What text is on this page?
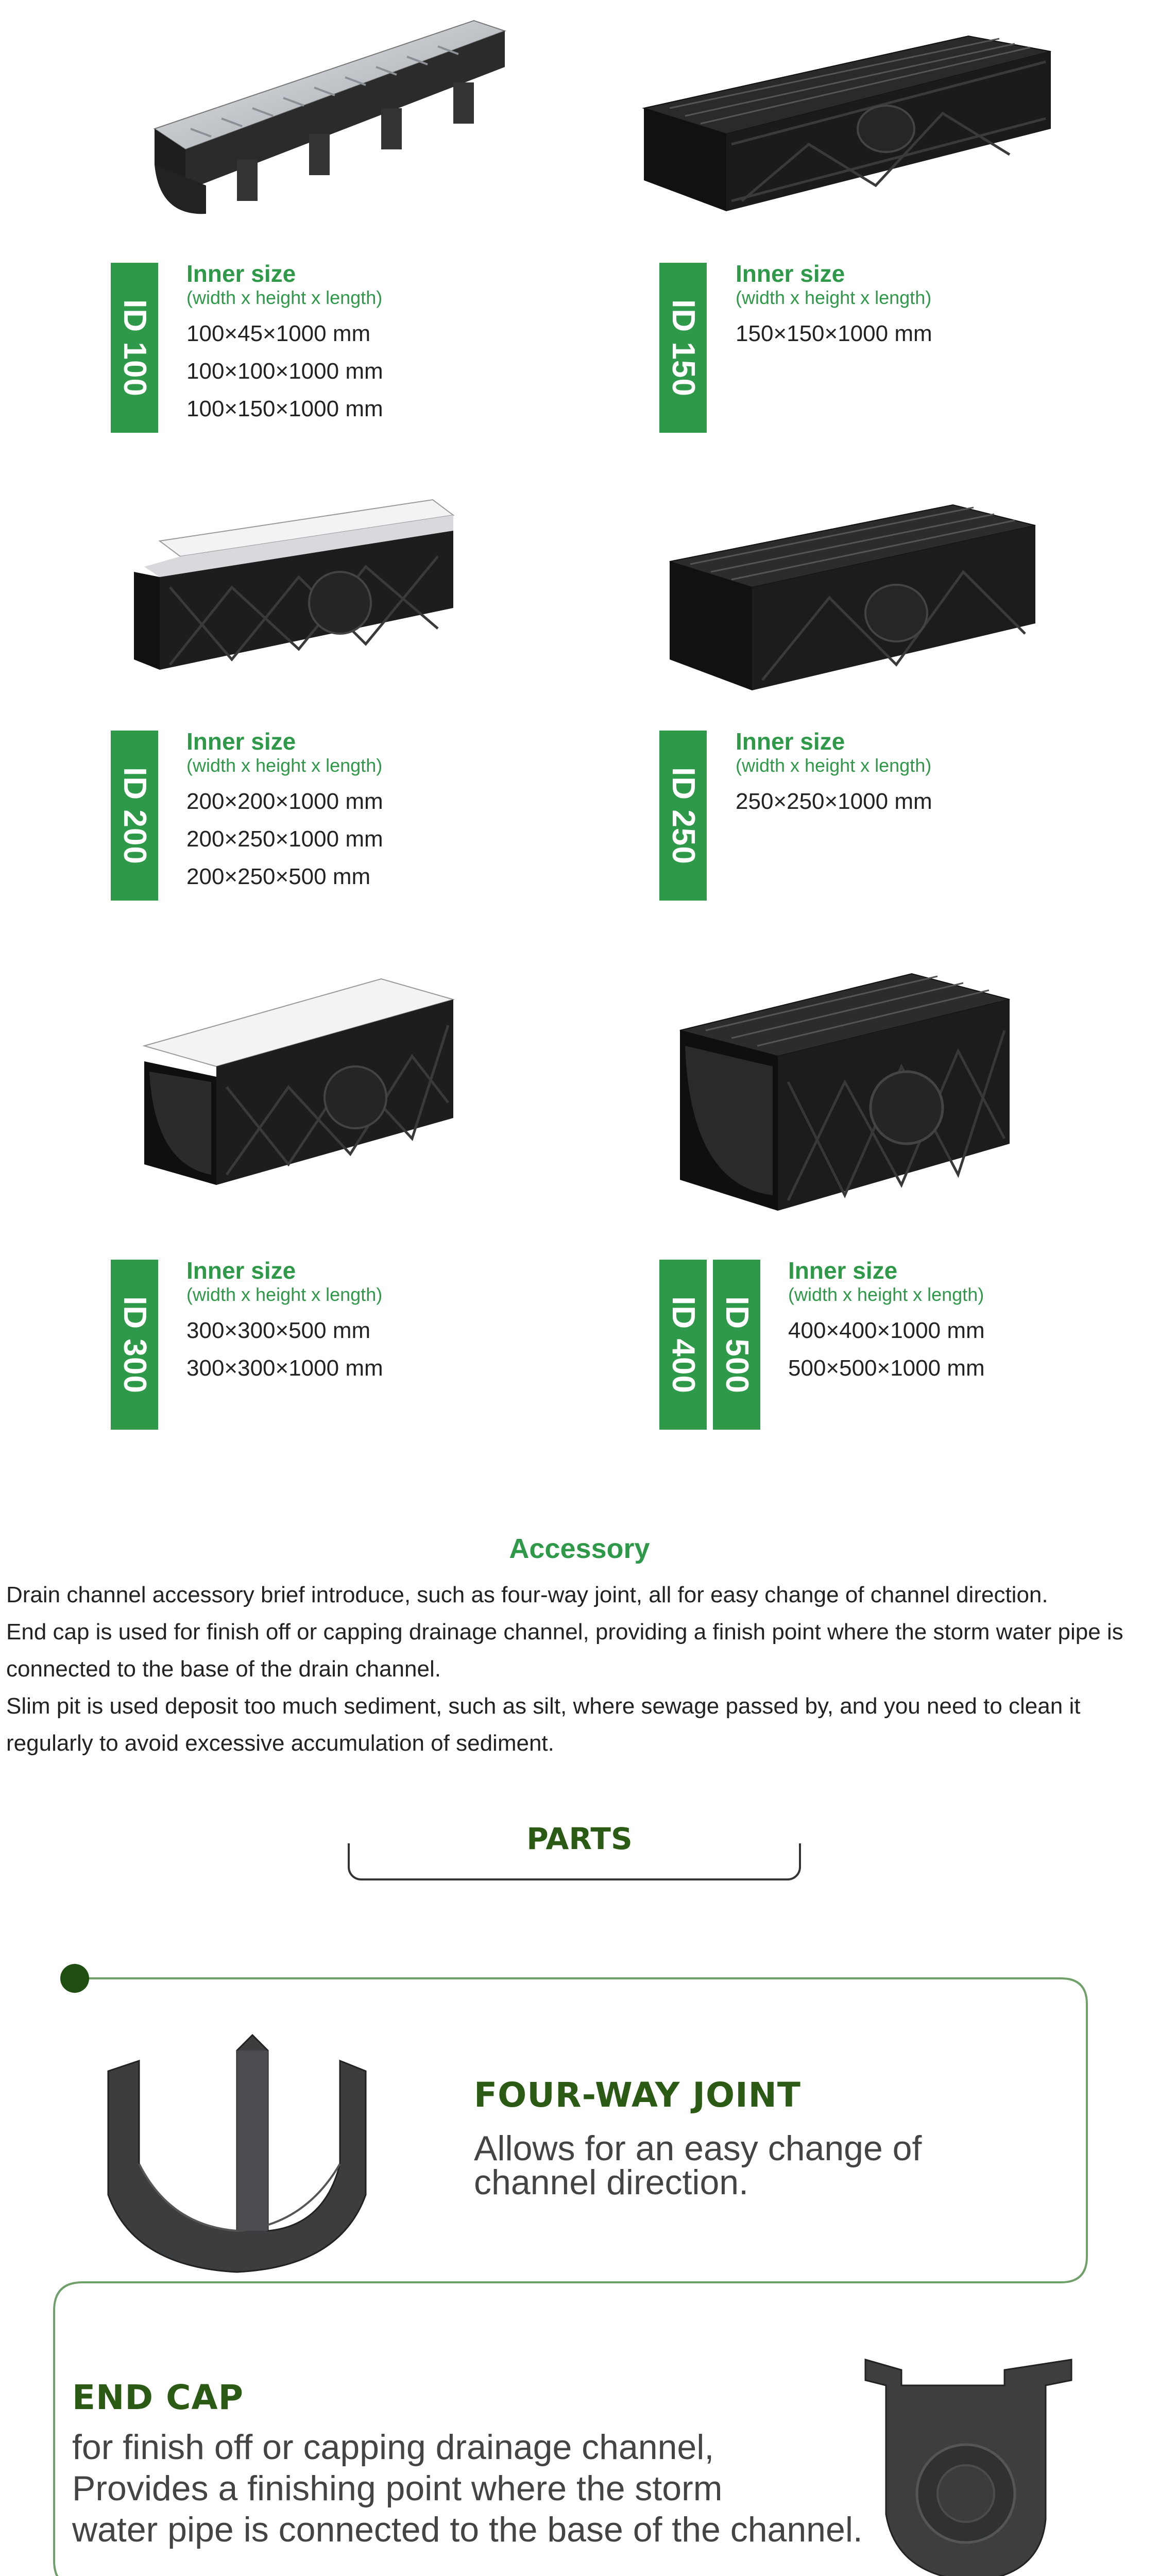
ID 100
Inner size
(width x height x length)
100×45×1000 mm
100×100×1000 mm
100×150×1000 mm
ID 150
Inner size
(width x height x length)
150×150×1000 mm
ID 200
Inner size
(width x height x length)
200×200×1000 mm
200×250×1000 mm
200×250×500 mm
ID 250
Inner size
(width x height x length)
250×250×1000 mm
ID 300
Inner size
(width x height x length)
300×300×500 mm
300×300×1000 mm	ID 400 ID 500
Inner size
(width x height x length)
400×400×1000 mm
500×500×1000 mm
Accessory

Drain channel accessory brief introduce, such as four-way joint, all for easy change of channel direction.

End cap is used for finish off or capping drainage channel, providing a finish point where the storm water pipe is connected to the base of the drain channel.

Slim pit is used deposit too much sediment, such as silt, where sewage passed by, and you need to clean it regularly to avoid excessive accumulation of sediment.

PARTS
FOUR-WAY JOINT
Allows for an easy change of
channel direction.
END CAP
for finish off or capping drainage channel,
Provides a finishing point where the storm
water pipe is connected to the base of the channel.
